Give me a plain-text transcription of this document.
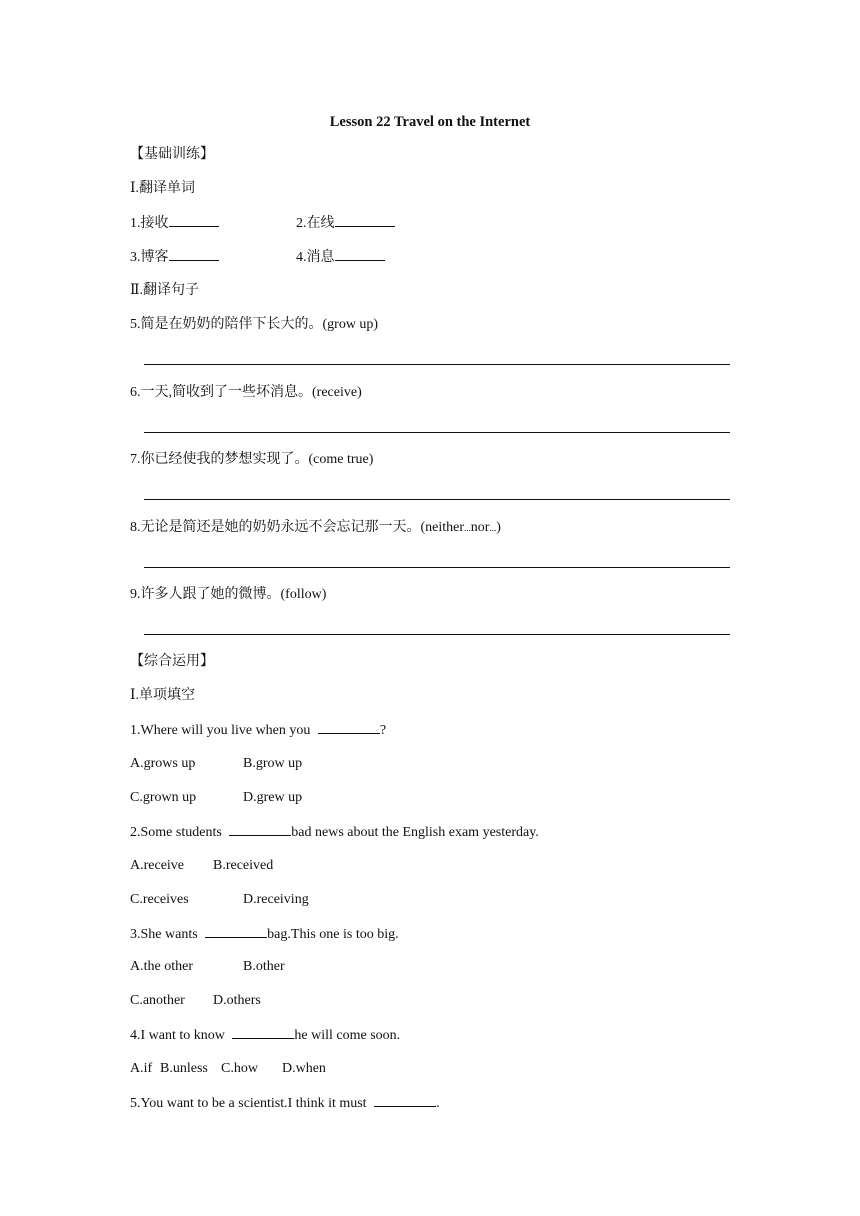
Lesson 22 Travel on the Internet
【基础训练】
Ⅰ.翻译单词
1.接收	2.在线
3.博客	4.消息
Ⅱ.翻译句子
5.简是在奶奶的陪伴下长大的。(grow up)
6.一天,简收到了一些坏消息。(receive)
7.你已经使我的梦想实现了。(come true)
8.无论是简还是她的奶奶永远不会忘记那一天。(neither...nor...)
9.许多人跟了她的微博。(follow)
【综合运用】
Ⅰ.单项填空
1.Where will you live when you	?
A.grows up	B.grow up
C.grown up	D.grew up
2.Some students	bad news about the English exam yesterday.
A.receive B.received
C.receives	D.receiving
3.She wants	bag.This one is too big.
A.the other	B.other
C.another D.others
4.I want to know	he will come soon.
A.if B.unless C.how D.when
5.You want to be a scientist.I think it must	.
